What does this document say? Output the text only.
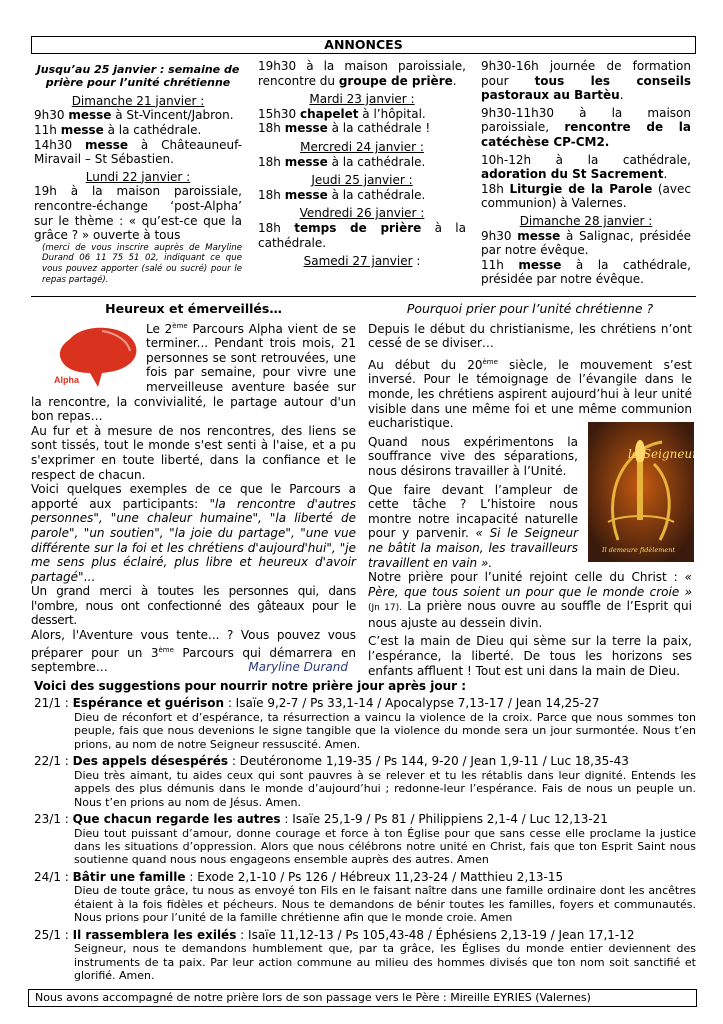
ANNONCES

Jusqu’au 25 janvier : semaine de prière pour l’unité chrétienne

Dimanche 21 janvier :

9h30 messe à St-Vincent/Jabron.

11h messe à la cathédrale.

14h30 messe à Châteauneuf-Miravail – St Sébastien.

Lundi 22 janvier :

19h à la maison paroissiale, rencontre-échange ‘post-Alpha’ sur le thème : « qu’est-ce que la grâce ? » ouverte à tous

(merci de vous inscrire auprès de Maryline Durand 06 11 75 51 02, indiquant ce que vous pouvez apporter (salé ou sucré) pour le repas partagé).

19h30 à la maison paroissiale, rencontre du groupe de prière.

Mardi 23 janvier :

15h30 chapelet à l’hôpital.

18h messe à la cathédrale !

Mercredi 24 janvier :

18h messe à la cathédrale.

Jeudi 25 janvier :

18h messe à la cathédrale.

Vendredi 26 janvier :

18h temps de prière à la cathédrale.

Samedi 27 janvier :

9h30-16h journée de formation pour tous les conseils pastoraux au Bartèu.

9h30-11h30 à la maison paroissiale, rencontre de la catéchèse CP-CM2.

10h-12h à la cathédrale, adoration du St Sacrement.

18h Liturgie de la Parole (avec communion) à Valernes.

Dimanche 28 janvier :

9h30 messe à Salignac, présidée par notre évêque.

11h messe à la cathédrale, présidée par notre évêque.

Alpha

Heureux et émerveillés…

Le 2ème Parcours Alpha vient de se terminer... Pendant trois mois, 21 personnes se sont retrouvées, une fois par semaine, pour vivre une merveilleuse aventure basée sur la rencontre, la convivialité, le partage autour d'un bon repas…

Au fur et à mesure de nos rencontres, des liens se sont tissés, tout le monde s'est senti à l'aise, et a pu s'exprimer en toute liberté, dans la confiance et le respect de chacun.

Voici quelques exemples de ce que le Parcours a apporté aux participants: "la rencontre d'autres personnes", "une chaleur humaine", "la liberté de parole", "un soutien", "la joie du partage", "une vue différente sur la foi et les chrétiens d'aujourd'hui", "je me sens plus éclairé, plus libre et heureux d'avoir partagé"...

Un grand merci à toutes les personnes qui, dans l'ombre, nous ont confectionné des gâteaux pour le dessert.

Alors, l'Aventure vous tente... ? Vous pouvez vous préparer pour un 3ème Parcours qui démarrera en septembre…	Maryline Durand

le Seigneur
Il demeure fidèlement

Pourquoi prier pour l’unité chrétienne ?

Depuis le début du christianisme, les chrétiens n’ont cessé de se diviser…

Au début du 20ème siècle, le mouvement s’est inversé. Pour le témoignage de l’évangile dans le monde, les chrétiens aspirent aujourd’hui à leur unité visible dans une même foi et une même communion eucharistique.

Quand nous expérimentons la souffrance vive des séparations, nous désirons travailler à l’Unité.

Que faire devant l’ampleur de cette tâche ? L’histoire nous montre notre incapacité naturelle pour y parvenir. « Si le Seigneur ne bâtit la maison, les travailleurs travaillent en vain ».

Notre prière pour l’unité rejoint celle du Christ : « Père, que tous soient un pour que le monde croie » (Jn 17). La prière nous ouvre au souffle de l’Esprit qui nous ajuste au dessein divin.

C’est la main de Dieu qui sème sur la terre la paix, l’espérance, la liberté. De tous les horizons ses enfants affluent ! Tout est uni dans la main de Dieu.

Voici des suggestions pour nourrir notre prière jour après jour :

21/1 : Espérance et guérison : Isaïe 9,2-7 / Ps 33,1-14 / Apocalypse 7,13-17 / Jean 14,25-27

Dieu de réconfort et d’espérance, ta résurrection a vaincu la violence de la croix. Parce que nous sommes ton peuple, fais que nous devenions le signe tangible que la violence du monde sera un jour surmontée. Nous t’en prions, au nom de notre Seigneur ressuscité. Amen.

22/1 : Des appels désespérés : Deutéronome 1,19-35 / Ps 144, 9-20 / Jean 1,9-11 / Luc 18,35-43

Dieu très aimant, tu aides ceux qui sont pauvres à se relever et tu les rétablis dans leur dignité. Entends les appels des plus démunis dans le monde d’aujourd’hui ; redonne-leur l’espérance. Fais de nous un peuple un. Nous t’en prions au nom de Jésus. Amen.

23/1 : Que chacun regarde les autres : Isaïe 25,1-9 / Ps 81 / Philippiens 2,1-4 / Luc 12,13-21

Dieu tout puissant d’amour, donne courage et force à ton Église pour que sans cesse elle proclame la justice dans les situations d’oppression. Alors que nous célébrons notre unité en Christ, fais que ton Esprit Saint nous soutienne quand nous nous engageons ensemble auprès des autres. Amen

24/1 : Bâtir une famille : Exode 2,1-10 / Ps 126 / Hébreux 11,23-24 / Matthieu 2,13-15

Dieu de toute grâce, tu nous as envoyé ton Fils en le faisant naître dans une famille ordinaire dont les ancêtres étaient à la fois fidèles et pécheurs. Nous te demandons de bénir toutes les familles, foyers et communautés. Nous prions pour l’unité de la famille chrétienne afin que le monde croie. Amen

25/1 : Il rassemblera les exilés : Isaïe 11,12-13 / Ps 105,43-48 / Éphésiens 2,13-19 / Jean 17,1-12

Seigneur, nous te demandons humblement que, par ta grâce, les Églises du monde entier deviennent des instruments de ta paix. Par leur action commune au milieu des hommes divisés que ton nom soit sanctifié et glorifié. Amen.

Nous avons accompagné de notre prière lors de son passage vers le Père : Mireille EYRIES (Valernes)
